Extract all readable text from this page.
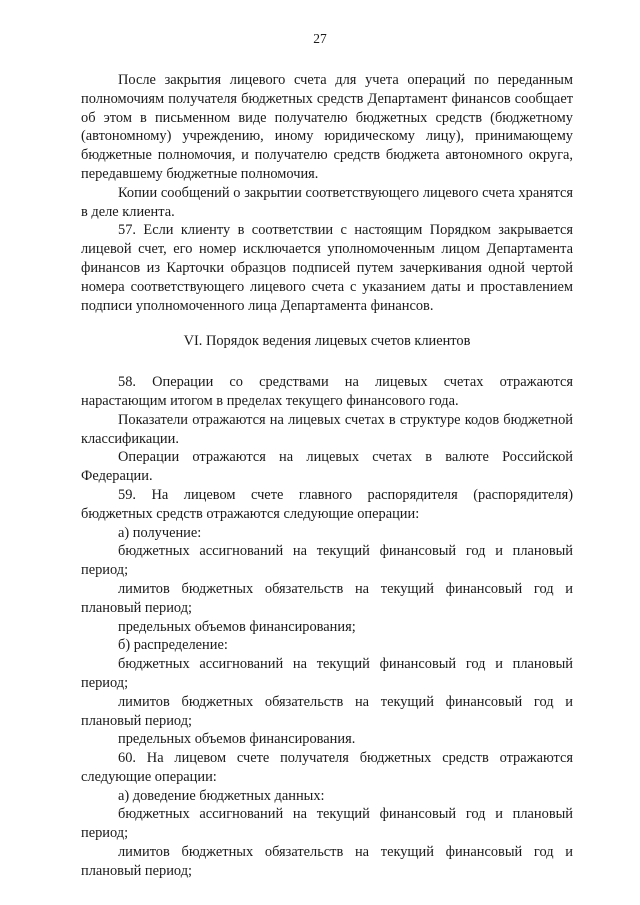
27

После закрытия лицевого счета для учета операций по переданным полномочиям получателя бюджетных средств Департамент финансов сообщает об этом в письменном виде получателю бюджетных средств (бюджетному (автономному) учреждению, иному юридическому лицу), принимающему бюджетные полномочия, и получателю средств бюджета автономного округа, передавшему бюджетные полномочия.

Копии сообщений о закрытии соответствующего лицевого счета хранятся в деле клиента.

57. Если клиенту в соответствии с настоящим Порядком закрывается лицевой счет, его номер исключается уполномоченным лицом Департамента финансов из Карточки образцов подписей путем зачеркивания одной чертой номера соответствующего лицевого счета с указанием даты и проставлением подписи уполномоченного лица Департамента финансов.

VI. Порядок ведения лицевых счетов клиентов

58. Операции со средствами на лицевых счетах отражаются нарастающим итогом в пределах текущего финансового года.

Показатели отражаются на лицевых счетах в структуре кодов бюджетной классификации.

Операции отражаются на лицевых счетах в валюте Российской Федерации.

59. На лицевом счете главного распорядителя (распорядителя) бюджетных средств отражаются следующие операции:

а) получение:

бюджетных ассигнований на текущий финансовый год и плановый период;

лимитов бюджетных обязательств на текущий финансовый год и плановый период;

предельных объемов финансирования;

б) распределение:

бюджетных ассигнований на текущий финансовый год и плановый период;

лимитов бюджетных обязательств на текущий финансовый год и плановый период;

предельных объемов финансирования.

60. На лицевом счете получателя бюджетных средств отражаются следующие операции:

а) доведение бюджетных данных:

бюджетных ассигнований на текущий финансовый год и плановый период;

лимитов бюджетных обязательств на текущий финансовый год и плановый период;
